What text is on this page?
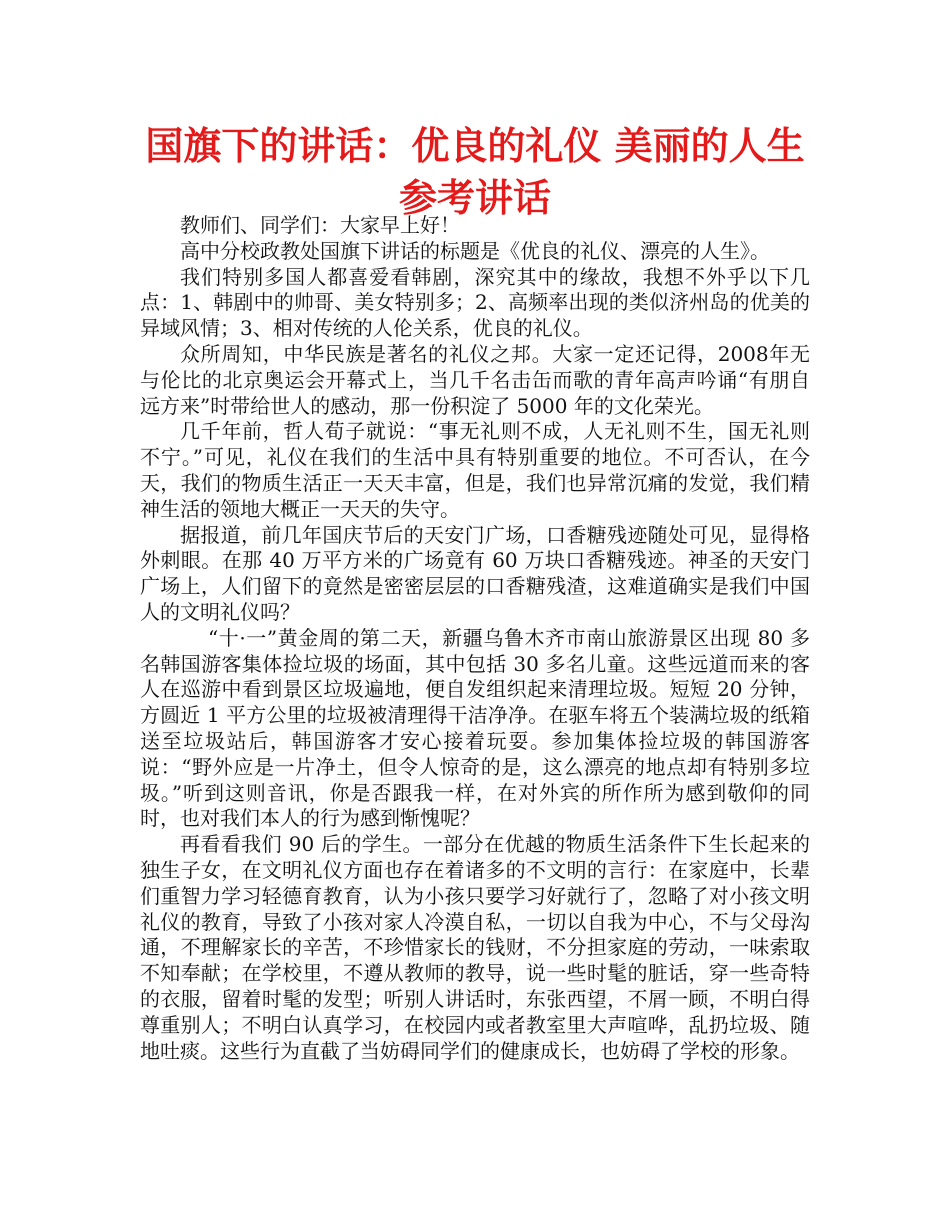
国旗下的讲话：优良的礼仪 美丽的人生参考讲话

教师们、同学们：大家早上好！

高中分校政教处国旗下讲话的标题是《优良的礼仪、漂亮的人生》。

我们特别多国人都喜爱看韩剧，深究其中的缘故，我想不外乎以下几点：1、韩剧中的帅哥、美女特别多；2、高频率出现的类似济州岛的优美的异域风情；3、相对传统的人伦关系，优良的礼仪。

众所周知，中华民族是著名的礼仪之邦。大家一定还记得，2008年无与伦比的北京奥运会开幕式上，当几千名击缶而歌的青年高声吟诵“有朋自远方来”时带给世人的感动，那一份积淀了 5000 年的文化荣光。

几千年前，哲人荀子就说：“事无礼则不成，人无礼则不生，国无礼则不宁。”可见，礼仪在我们的生活中具有特别重要的地位。不可否认，在今天，我们的物质生活正一天天丰富，但是，我们也异常沉痛的发觉，我们精神生活的领地大概正一天天的失守。

据报道，前几年国庆节后的天安门广场，口香糖残迹随处可见，显得格外刺眼。在那 40 万平方米的广场竟有 60 万块口香糖残迹。神圣的天安门广场上，人们留下的竟然是密密层层的口香糖残渣，这难道确实是我们中国人的文明礼仪吗？

“十·一”黄金周的第二天，新疆乌鲁木齐市南山旅游景区出现 80 多名韩国游客集体捡垃圾的场面，其中包括 30 多名儿童。这些远道而来的客人在巡游中看到景区垃圾遍地，便自发组织起来清理垃圾。短短 20 分钟，方圆近 1 平方公里的垃圾被清理得干洁净净。在驱车将五个装满垃圾的纸箱送至垃圾站后，韩国游客才安心接着玩耍。参加集体捡垃圾的韩国游客说：“野外应是一片净土，但令人惊奇的是，这么漂亮的地点却有特别多垃圾。”听到这则音讯，你是否跟我一样，在对外宾的所作所为感到敬仰的同时，也对我们本人的行为感到惭愧呢？

再看看我们 90 后的学生。一部分在优越的物质生活条件下生长起来的独生子女，在文明礼仪方面也存在着诸多的不文明的言行：在家庭中，长辈们重智力学习轻德育教育，认为小孩只要学习好就行了，忽略了对小孩文明礼仪的教育，导致了小孩对家人冷漠自私，一切以自我为中心，不与父母沟通，不理解家长的辛苦，不珍惜家长的钱财，不分担家庭的劳动，一味索取不知奉献；在学校里，不遵从教师的教导，说一些时髦的脏话，穿一些奇特的衣服，留着时髦的发型；听别人讲话时，东张西望，不屑一顾，不明白得尊重别人；不明白认真学习，在校园内或者教室里大声喧哗，乱扔垃圾、随地吐痰。这些行为直截了当妨碍同学们的健康成长，也妨碍了学校的形象。
